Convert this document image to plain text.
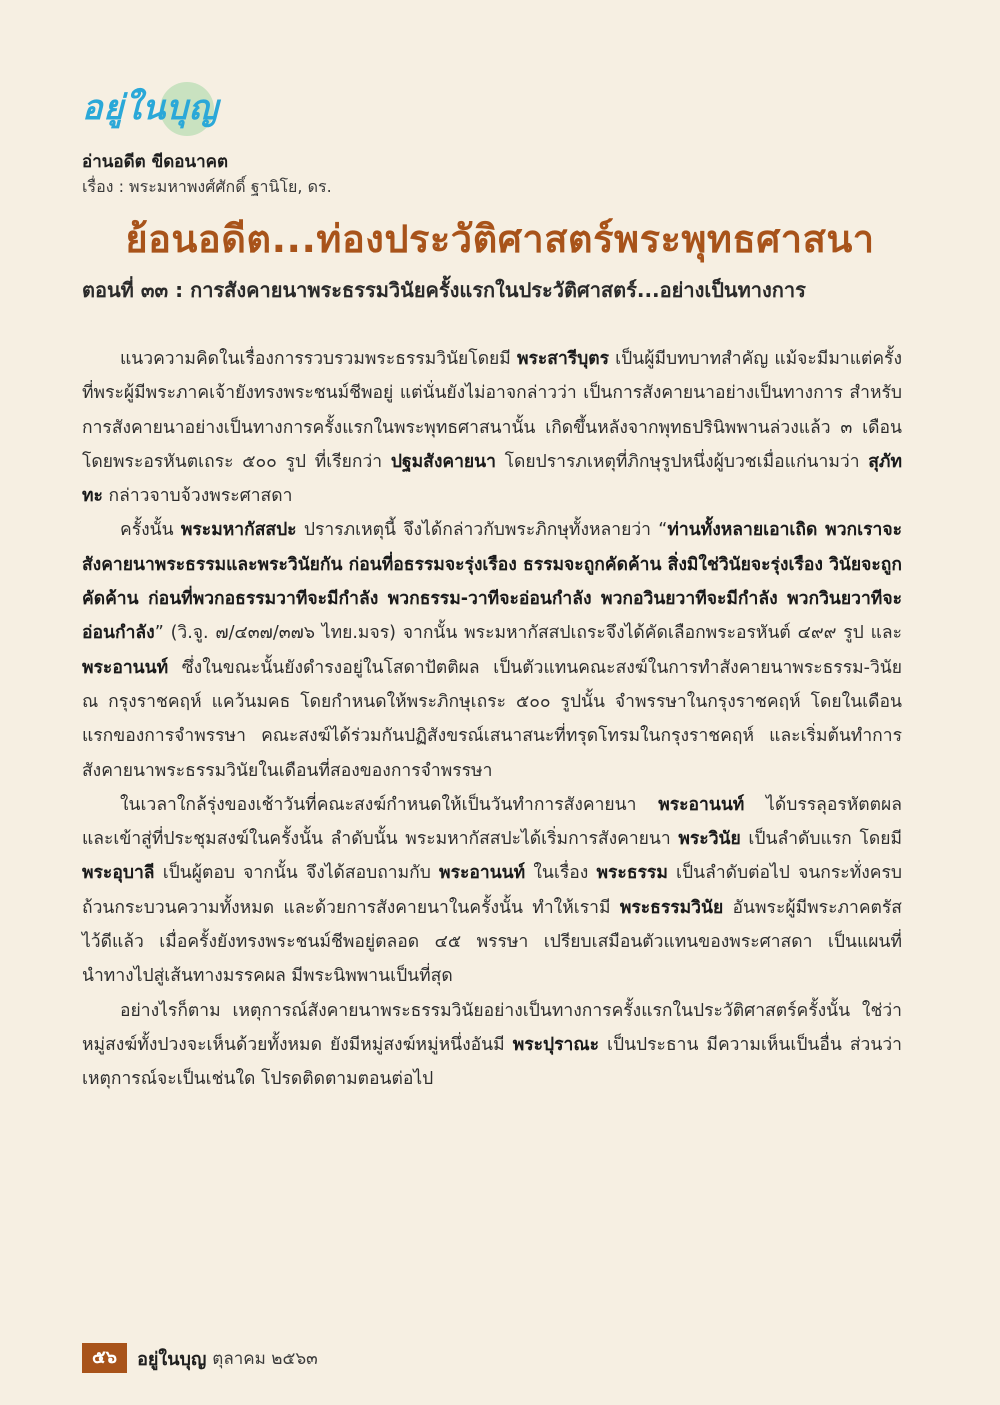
อยู่ในบุญ
อ่านอดีต ขีดอนาคต
เรื่อง : พระมหาพงศ์ศักดิ์ ฐานิโย, ดร.
ย้อนอดีต...ท่องประวัติศาสตร์พระพุทธศาสนา
ตอนที่ ๓๓ : การสังคายนาพระธรรมวินัยครั้งแรกในประวัติศาสตร์...อย่างเป็นทางการ

แนวความคิดในเรื่องการรวบรวมพระธรรมวินัยโดยมี พระสารีบุตร เป็นผู้มีบทบาทสำคัญ แม้จะมีมาแต่ครั้งที่พระผู้มีพระภาคเจ้ายังทรงพระชนม์ชีพอยู่ แต่นั่นยังไม่อาจกล่าวว่า เป็นการสังคายนาอย่างเป็นทางการ สำหรับการสังคายนาอย่างเป็นทางการครั้งแรกในพระพุทธศาสนานั้น เกิดขึ้นหลังจากพุทธปรินิพพานล่วงแล้ว ๓ เดือน โดยพระอรหันตเถระ ๕๐๐ รูป ที่เรียกว่า ปฐมสังคายนา โดยปรารภเหตุที่ภิกษุรูปหนึ่งผู้บวชเมื่อแก่นามว่า สุภัททะ กล่าวจาบจ้วงพระศาสดา

ครั้งนั้น พระมหากัสสปะ ปรารภเหตุนี้ จึงได้กล่าวกับพระภิกษุทั้งหลายว่า “ท่านทั้งหลายเอาเถิด พวกเราจะสังคายนาพระธรรมและพระวินัยกัน ก่อนที่อธรรมจะรุ่งเรือง ธรรมจะถูกคัดค้าน สิ่งมิใช่วินัยจะรุ่งเรือง วินัยจะถูกคัดค้าน ก่อนที่พวกอธรรมวาทีจะมีกำลัง พวกธรรม-วาทีจะอ่อนกำลัง พวกอวินยวาทีจะมีกำลัง พวกวินยวาทีจะอ่อนกำลัง” (วิ.จู. ๗/๔๓๗/๓๗๖ ไทย.มจร) จากนั้น พระมหากัสสปเถระจึงได้คัดเลือกพระอรหันต์ ๔๙๙ รูป และ พระอานนท์ ซึ่งในขณะนั้นยังดำรงอยู่ในโสดาปัตติผล เป็นตัวแทนคณะสงฆ์ในการทำสังคายนาพระธรรม-วินัย ณ กรุงราชคฤห์ แคว้นมคธ โดยกำหนดให้พระภิกษุเถระ ๕๐๐ รูปนั้น จำพรรษาในกรุงราชคฤห์ โดยในเดือนแรกของการจำพรรษา คณะสงฆ์ได้ร่วมกันปฏิสังขรณ์เสนาสนะที่ทรุดโทรมในกรุงราชคฤห์ และเริ่มต้นทำการสังคายนาพระธรรมวินัยในเดือนที่สองของการจำพรรษา

ในเวลาใกล้รุ่งของเช้าวันที่คณะสงฆ์กำหนดให้เป็นวันทำการสังคายนา พระอานนท์ ได้บรรลุอรหัตตผล และเข้าสู่ที่ประชุมสงฆ์ในครั้งนั้น ลำดับนั้น พระมหากัสสปะได้เริ่มการสังคายนา พระวินัย เป็นลำดับแรก โดยมี พระอุบาลี เป็นผู้ตอบ จากนั้น จึงได้สอบถามกับ พระอานนท์ ในเรื่อง พระธรรม เป็นลำดับต่อไป จนกระทั่งครบถ้วนกระบวนความทั้งหมด และด้วยการสังคายนาในครั้งนั้น ทำให้เรามี พระธรรมวินัย อันพระผู้มีพระภาคตรัสไว้ดีแล้ว เมื่อครั้งยังทรงพระชนม์ชีพอยู่ตลอด ๔๕ พรรษา เปรียบเสมือนตัวแทนของพระศาสดา เป็นแผนที่นำทางไปสู่เส้นทางมรรคผล มีพระนิพพานเป็นที่สุด

อย่างไรก็ตาม เหตุการณ์สังคายนาพระธรรมวินัยอย่างเป็นทางการครั้งแรกในประวัติศาสตร์ครั้งนั้น ใช่ว่าหมู่สงฆ์ทั้งปวงจะเห็นด้วยทั้งหมด ยังมีหมู่สงฆ์หมู่หนึ่งอันมี พระปุราณะ เป็นประธาน มีความเห็นเป็นอื่น ส่วนว่าเหตุการณ์จะเป็นเช่นใด โปรดติดตามตอนต่อไป

๕๖	อยู่ในบุญ ตุลาคม ๒๕๖๓
